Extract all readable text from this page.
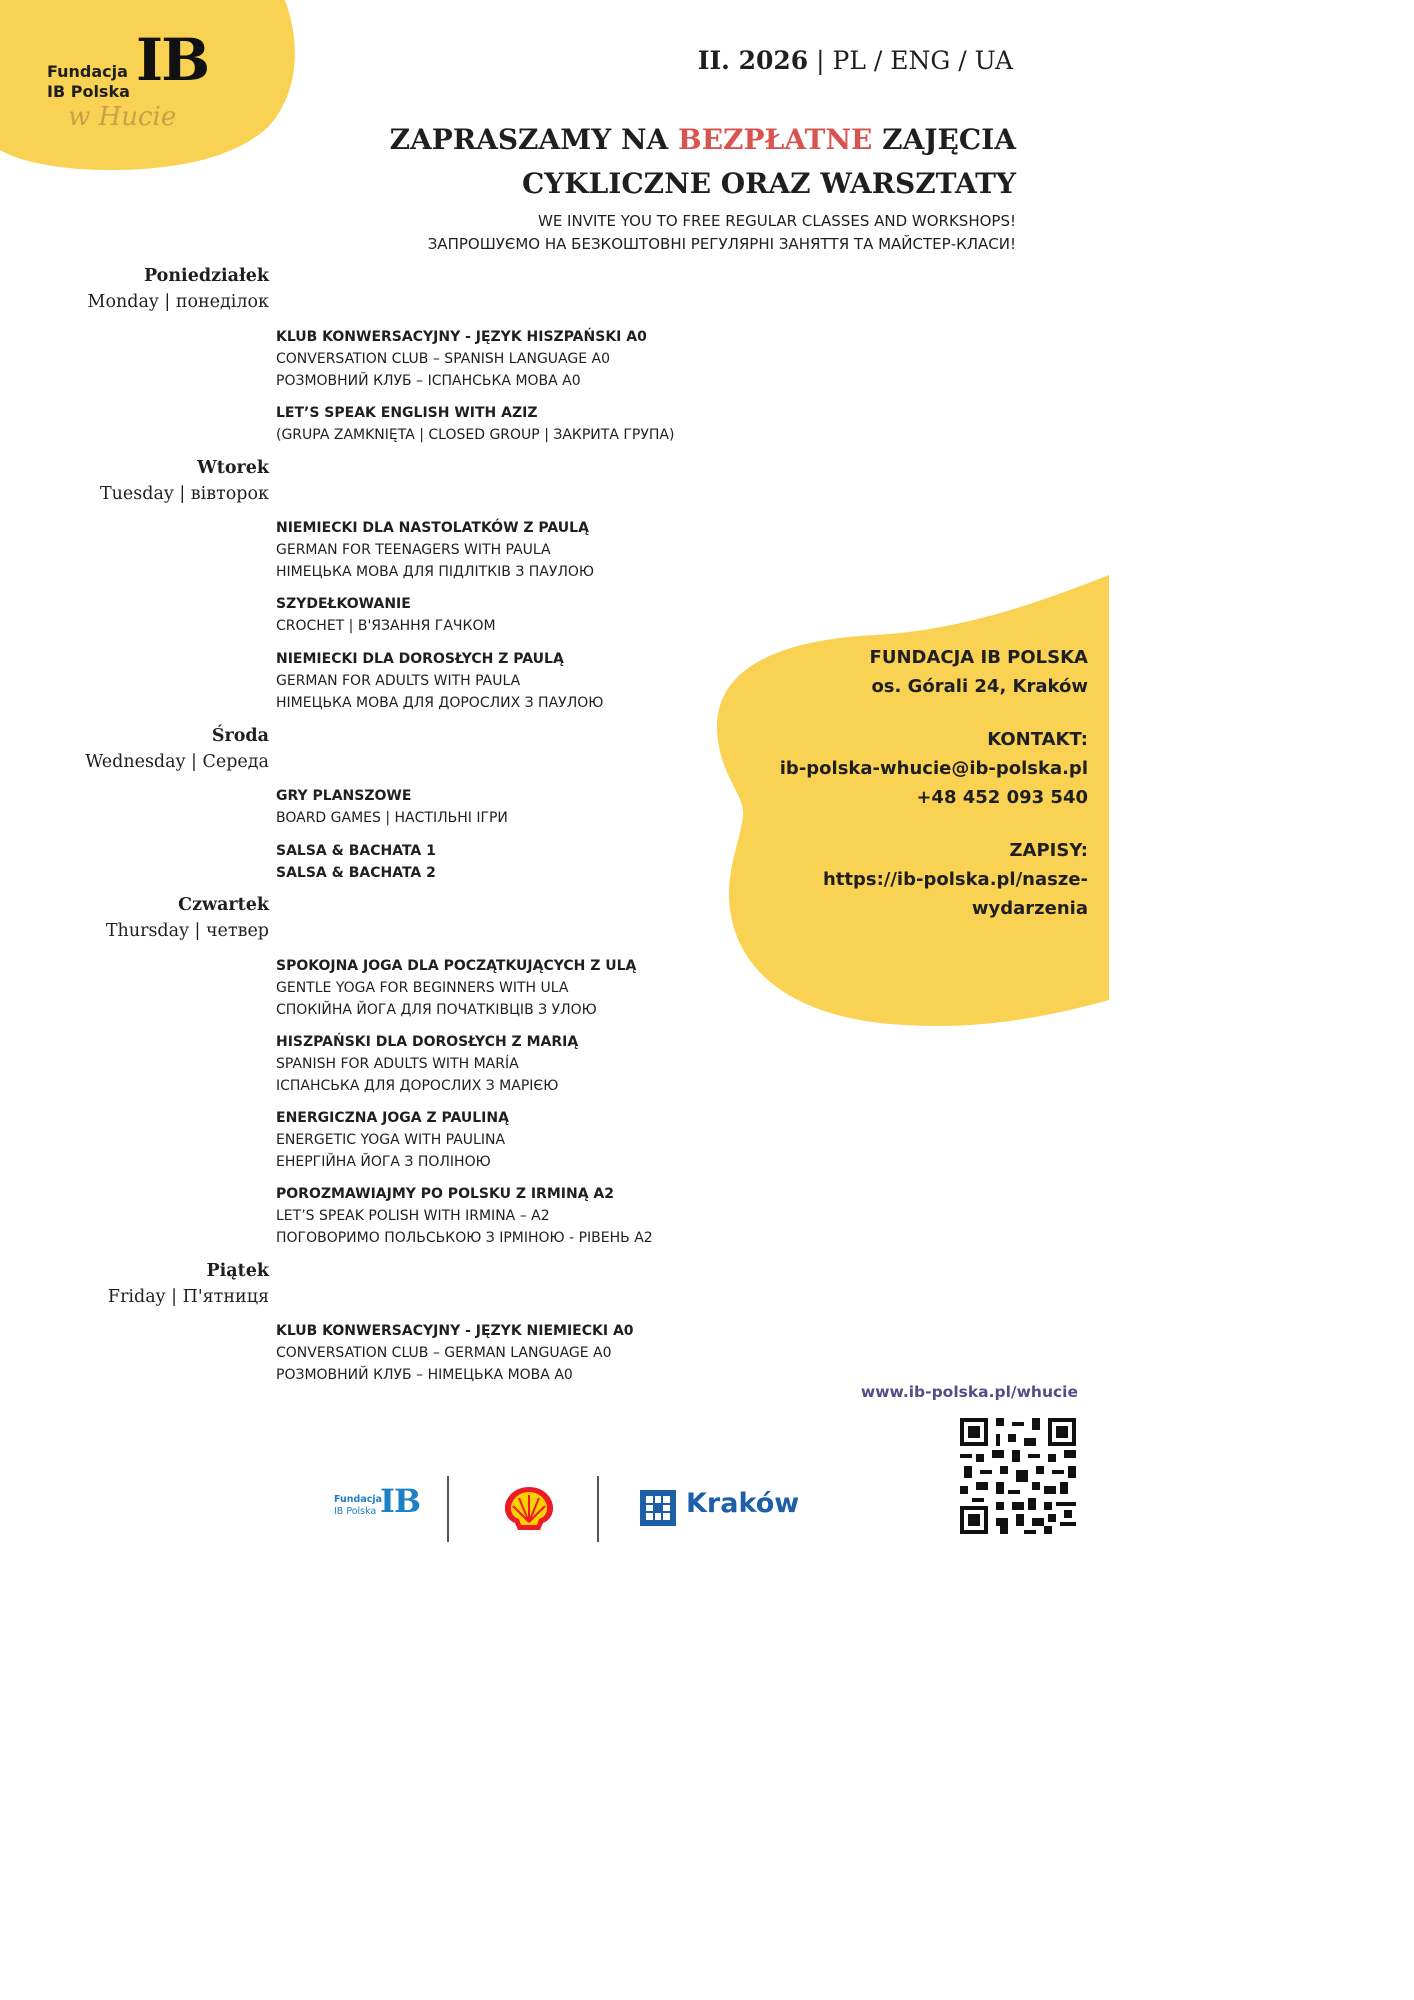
Fundacja
IB Polska IB
w Hucie
II. 2026 | PL / ENG / UA
ZAPRASZAMY NA BEZPŁATNE ZAJĘCIA
CYKLICZNE ORAZ WARSZTATY
WE INVITE YOU TO FREE REGULAR CLASSES AND WORKSHOPS!
ЗАПРОШУЄМО НА БЕЗКОШТОВНІ РЕГУЛЯРНІ ЗАНЯТТЯ ТА МАЙСТЕР-КЛАСИ!
Poniedziałek
Monday | понеділок
Wtorek
Tuesday | вівторок
Środa
Wednesday | Середа
Czwartek
Thursday | четвер
Piątek
Friday | П'ятниця
KLUB KONWERSACYJNY - JĘZYK HISZPAŃSKI A0
CONVERSATION CLUB – SPANISH LANGUAGE A0
РОЗМОВНИЙ КЛУБ – ІСПАНСЬКА МОВА A0
LET’S SPEAK ENGLISH WITH AZIZ
(GRUPA ZAMKNIĘTA | CLOSED GROUP | ЗАКРИТА ГРУПА)
NIEMIECKI DLA NASTOLATKÓW Z PAULĄ
GERMAN FOR TEENAGERS WITH PAULA
НІМЕЦЬКА МОВА ДЛЯ ПІДЛІТКІВ З ПАУЛОЮ
SZYDEŁKOWANIE
CROCHET | В'ЯЗАННЯ ГАЧКОМ
NIEMIECKI DLA DOROSŁYCH Z PAULĄ
GERMAN FOR ADULTS WITH PAULA
НІМЕЦЬКА МОВА ДЛЯ ДОРОСЛИХ З ПАУЛОЮ
GRY PLANSZOWE
BOARD GAMES | НАСТІЛЬНІ ІГРИ
SALSA & BACHATA 1
SALSA & BACHATA 2
SPOKOJNA JOGA DLA POCZĄTKUJĄCYCH Z ULĄ
GENTLE YOGA FOR BEGINNERS WITH ULA
СПОКІЙНА ЙОГА ДЛЯ ПОЧАТКІВЦІВ З УЛОЮ
HISZPAŃSKI DLA DOROSŁYCH Z MARIĄ
SPANISH FOR ADULTS WITH MARÍA
ІСПАНСЬКА ДЛЯ ДОРОСЛИХ З МАРІЄЮ
ENERGICZNA JOGA Z PAULINĄ
ENERGETIC YOGA WITH PAULINA
ЕНЕРГІЙНА ЙОГА З ПОЛІНОЮ
POROZMAWIAJMY PO POLSKU Z IRMINĄ A2
LET’S SPEAK POLISH WITH IRMINA – A2
ПОГОВОРИМО ПОЛЬСЬКОЮ З ІРМІНОЮ - РІВЕНЬ A2
KLUB KONWERSACYJNY - JĘZYK NIEMIECKI A0
CONVERSATION CLUB – GERMAN LANGUAGE A0
РОЗМОВНИЙ КЛУБ – НІМЕЦЬКА МОВА A0
FUNDACJA IB POLSKA
os. Górali 24, Kraków
KONTAKT:
ib-polska-whucie@ib-polska.pl
+48 452 093 540
ZAPISY:
https://ib-polska.pl/nasze-
wydarzenia
www.ib-polska.pl/whucie
Fundacja
IB Polska IB	Kraków
